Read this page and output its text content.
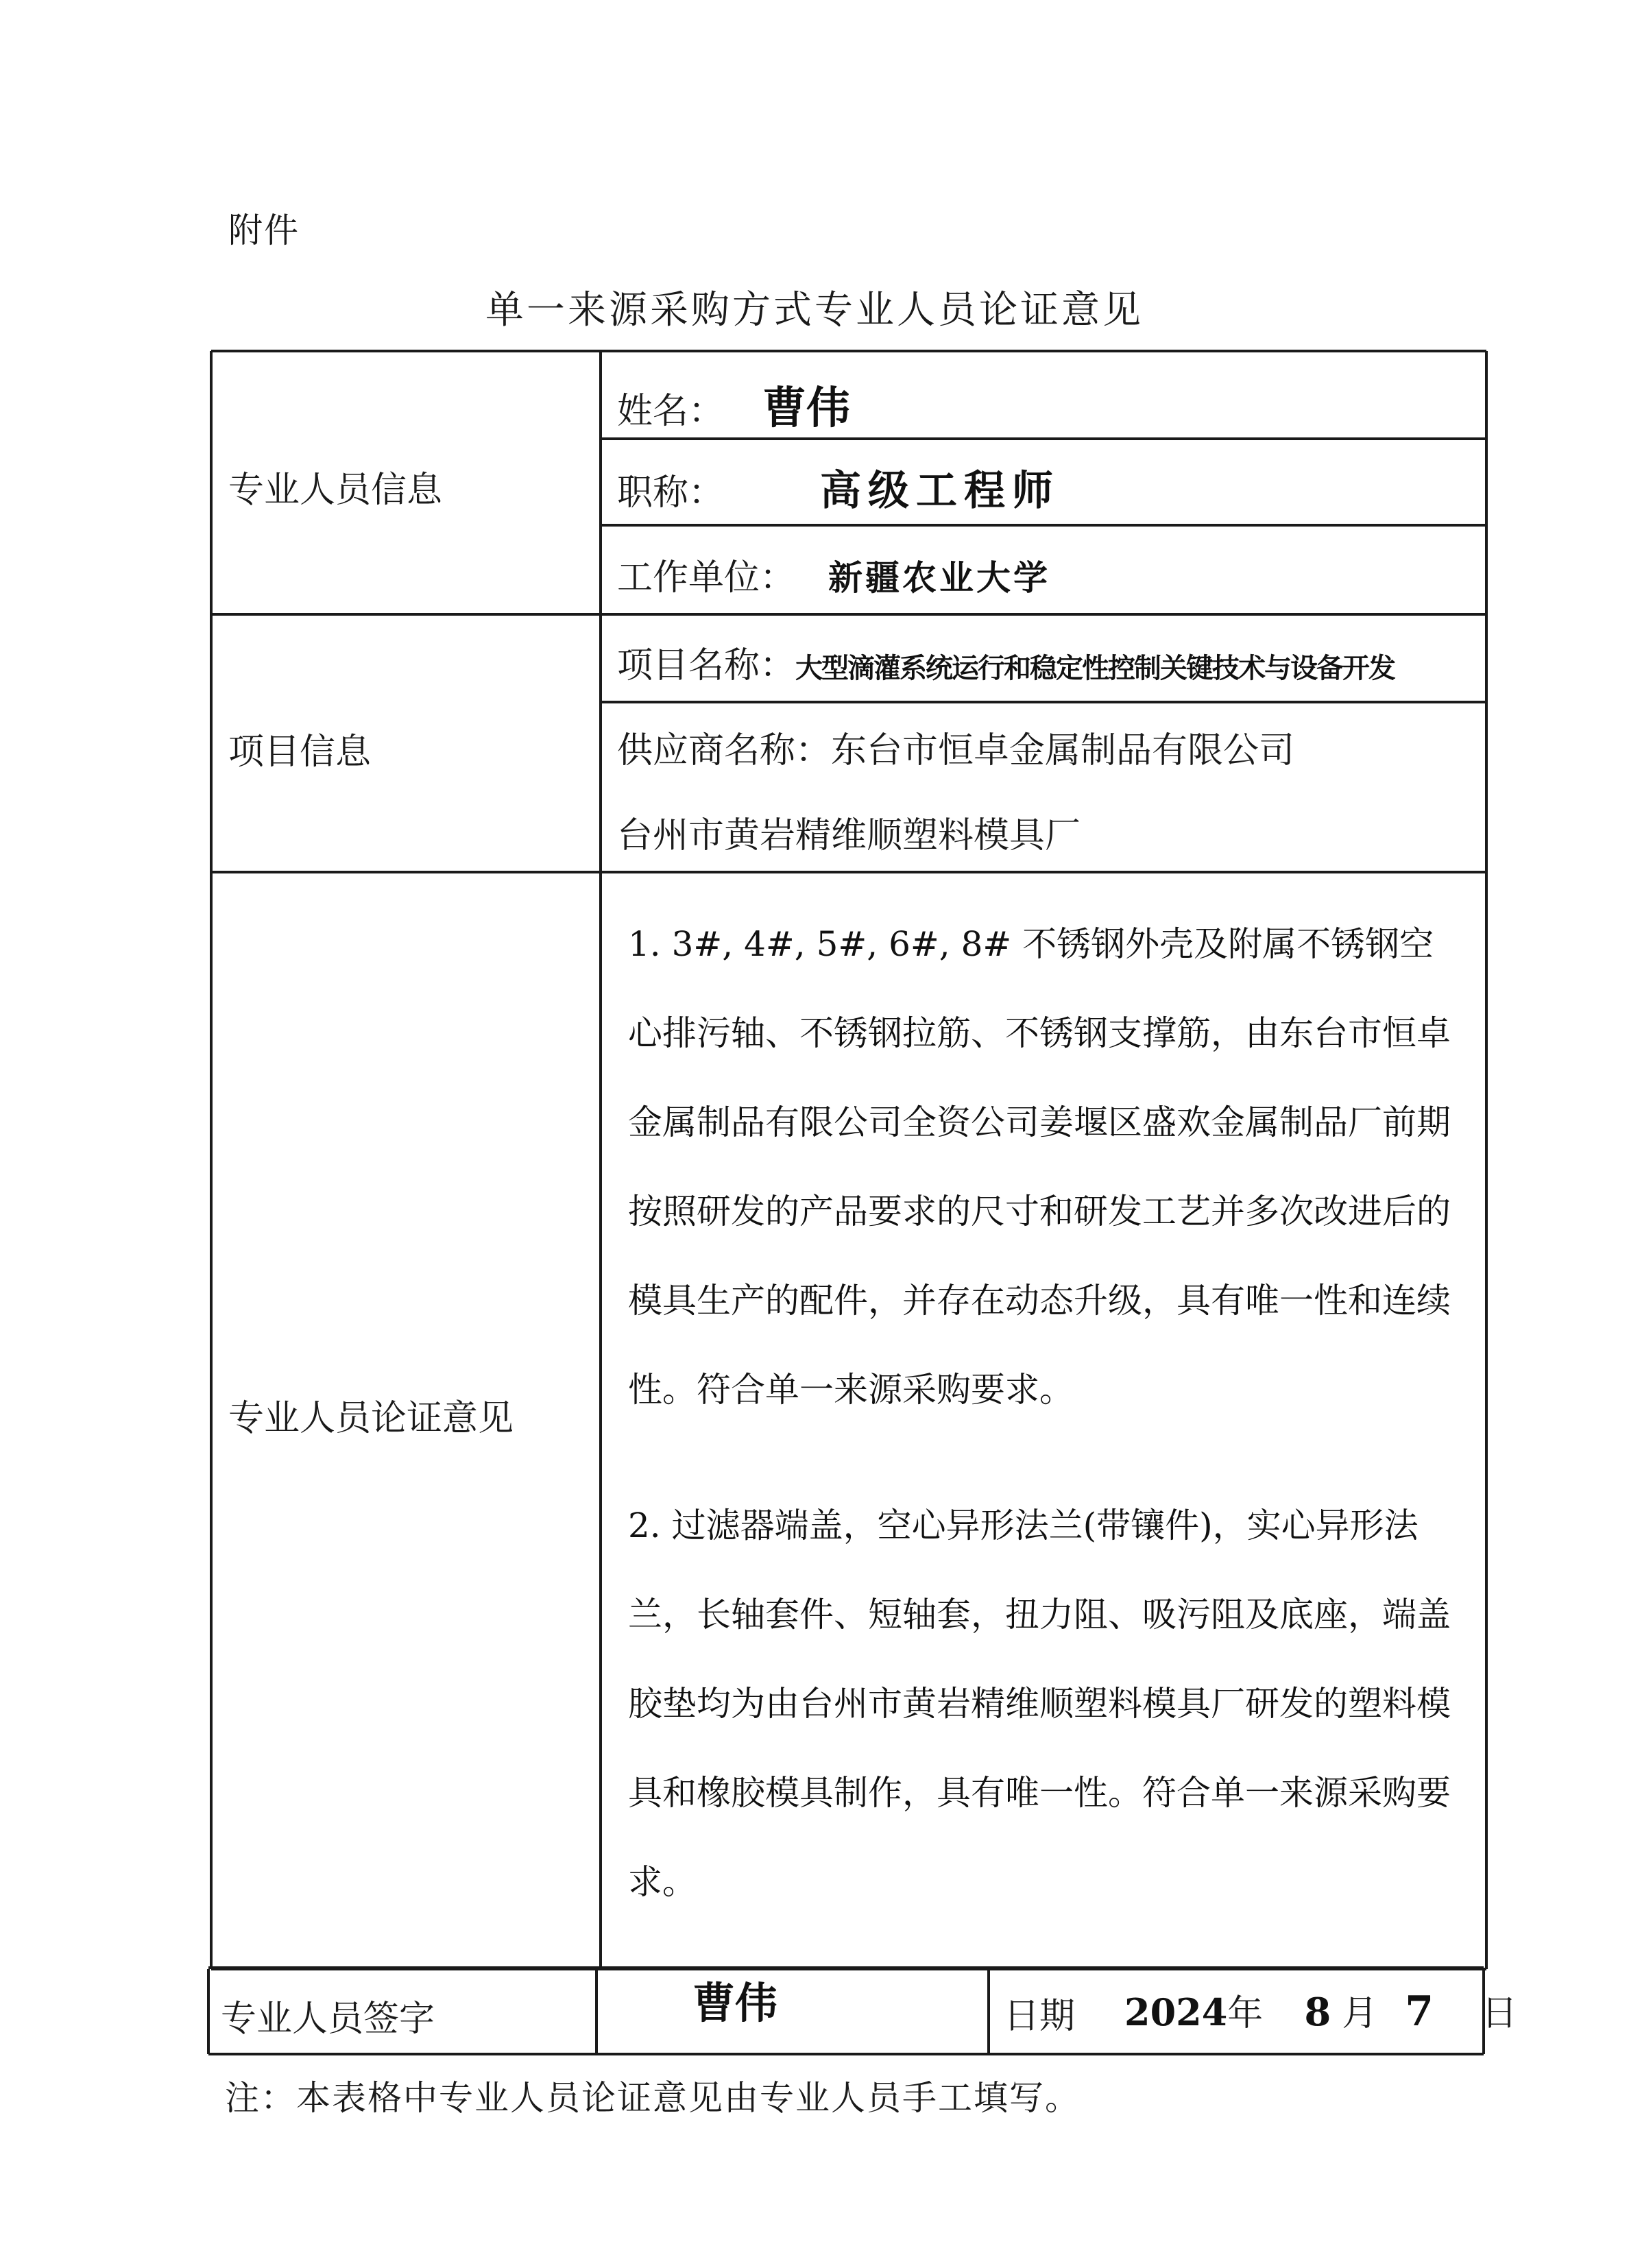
附件
单一来源采购方式专业人员论证意见
专业人员信息
姓名： 曹伟
职称： 高级工程师
工作单位： 新疆农业大学
项目信息
项目名称：大型滴灌系统运行和稳定性控制关键技术与设备开发
供应商名称：东台市恒卓金属制品有限公司
台州市黄岩精维顺塑料模具厂
专业人员论证意见

1. 3#, 4#, 5#, 6#, 8# 不锈钢外壳及附属不锈钢空心排污轴、不锈钢拉筋、不锈钢支撑筋，由东台市恒卓金属制品有限公司全资公司姜堰区盛欢金属制品厂前期按照研发的产品要求的尺寸和研发工艺并多次改进后的模具生产的配件，并存在动态升级，具有唯一性和连续性。符合单一来源采购要求。

2. 过滤器端盖，空心异形法兰(带镶件)，实心异形法兰，长轴套件、短轴套，扭力阻、吸污阻及底座，端盖胶垫均为由台州市黄岩精维顺塑料模具厂研发的塑料模具和橡胶模具制作，具有唯一性。符合单一来源采购要求。

专业人员签字	曹伟	日期 2024年 8 月 7 日
注：本表格中专业人员论证意见由专业人员手工填写。
